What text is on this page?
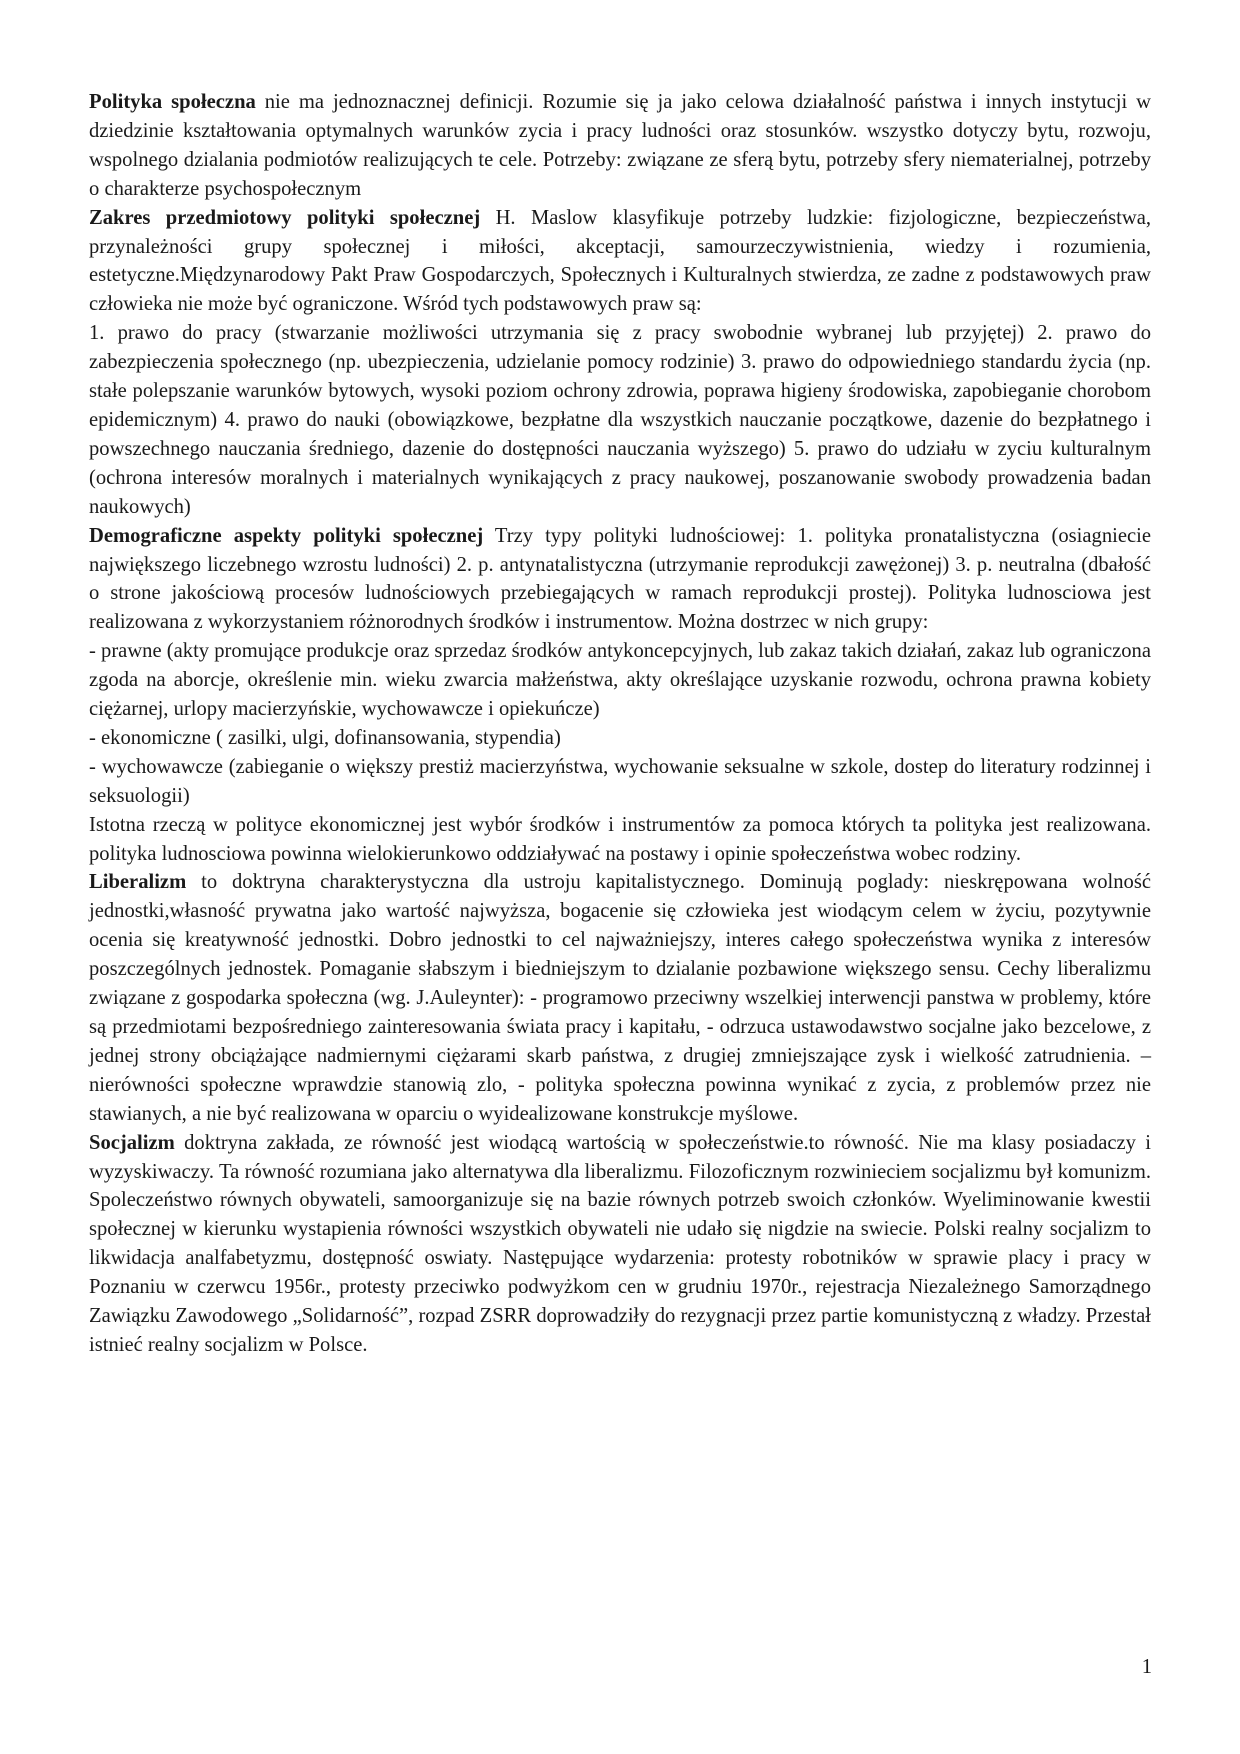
Polityka społeczna nie ma jednoznacznej definicji. Rozumie się ja jako celowa działalność państwa i innych instytucji w dziedzinie kształtowania optymalnych warunków zycia i pracy ludności oraz stosunków. wszystko dotyczy bytu, rozwoju, wspolnego dzialania podmiotów realizujących te cele. Potrzeby: związane ze sferą bytu, potrzeby sfery niematerialnej, potrzeby o charakterze psychospołecznym

Zakres przedmiotowy polityki społecznej H. Maslow klasyfikuje potrzeby ludzkie: fizjologiczne, bezpieczeństwa, przynależności grupy społecznej i miłości, akceptacji, samourzeczywistnienia, wiedzy i rozumienia, estetyczne.Międzynarodowy Pakt Praw Gospodarczych, Społecznych i Kulturalnych stwierdza, ze zadne z podstawowych praw człowieka nie może być ograniczone. Wśród tych podstawowych praw są:

1. prawo do pracy (stwarzanie możliwości utrzymania się z pracy swobodnie wybranej lub przyjętej) 2. prawo do zabezpieczenia społecznego (np. ubezpieczenia, udzielanie pomocy rodzinie) 3. prawo do odpowiedniego standardu życia (np. stałe polepszanie warunków bytowych, wysoki poziom ochrony zdrowia, poprawa higieny środowiska, zapobieganie chorobom epidemicznym) 4. prawo do nauki (obowiązkowe, bezpłatne dla wszystkich nauczanie początkowe, dazenie do bezpłatnego i powszechnego nauczania średniego, dazenie do dostępności nauczania wyższego) 5. prawo do udziału w zyciu kulturalnym (ochrona interesów moralnych i materialnych wynikających z pracy naukowej, poszanowanie swobody prowadzenia badan naukowych)

Demograficzne aspekty polityki społecznej Trzy typy polityki ludnościowej: 1. polityka pronatalistyczna (osiagniecie największego liczebnego wzrostu ludności) 2. p. antynatalistyczna (utrzymanie reprodukcji zawężonej) 3. p. neutralna (dbałość o strone jakościową procesów ludnościowych przebiegających w ramach reprodukcji prostej). Polityka ludnosciowa jest realizowana z wykorzystaniem różnorodnych środków i instrumentow. Można dostrzec w nich grupy:

- prawne (akty promujące produkcje oraz sprzedaz środków antykoncepcyjnych, lub zakaz takich działań, zakaz lub ograniczona zgoda na aborcje, określenie min. wieku zwarcia małżeństwa, akty określające uzyskanie rozwodu, ochrona prawna kobiety ciężarnej, urlopy macierzyńskie, wychowawcze i opiekuńcze)

- ekonomiczne ( zasilki, ulgi, dofinansowania, stypendia)

- wychowawcze (zabieganie o większy prestiż macierzyństwa, wychowanie seksualne w szkole, dostep do literatury rodzinnej i seksuologii)

Istotna rzeczą w polityce ekonomicznej jest wybór środków i instrumentów za pomoca których ta polityka jest realizowana. polityka ludnosciowa powinna wielokierunkowo oddziaływać na postawy i opinie społeczeństwa wobec rodziny.

Liberalizm to doktryna charakterystyczna dla ustroju kapitalistycznego. Dominują poglady: nieskrępowana wolność jednostki,własność prywatna jako wartość najwyższa, bogacenie się człowieka jest wiodącym celem w życiu, pozytywnie ocenia się kreatywność jednostki. Dobro jednostki to cel najważniejszy, interes całego społeczeństwa wynika z interesów poszczególnych jednostek. Pomaganie słabszym i biedniejszym to dzialanie pozbawione większego sensu. Cechy liberalizmu związane z gospodarka społeczna (wg. J.Auleynter): - programowo przeciwny wszelkiej interwencji panstwa w problemy, które są przedmiotami bezpośredniego zainteresowania świata pracy i kapitału, - odrzuca ustawodawstwo socjalne jako bezcelowe, z jednej strony obciążające nadmiernymi ciężarami skarb państwa, z drugiej zmniejszające zysk i wielkość zatrudnienia. – nierówności społeczne wprawdzie stanowią zlo, - polityka społeczna powinna wynikać z zycia, z problemów przez nie stawianych, a nie być realizowana w oparciu o wyidealizowane konstrukcje myślowe.

Socjalizm doktryna zakłada, ze równość jest wiodącą wartością w społeczeństwie.to równość. Nie ma klasy posiadaczy i wyzyskiwaczy. Ta równość rozumiana jako alternatywa dla liberalizmu. Filozoficznym rozwinieciem socjalizmu był komunizm. Spoleczeństwo równych obywateli, samoorganizuje się na bazie równych potrzeb swoich członków. Wyeliminowanie kwestii społecznej w kierunku wystapienia równości wszystkich obywateli nie udało się nigdzie na swiecie. Polski realny socjalizm to likwidacja analfabetyzmu, dostępność oswiaty. Następujące wydarzenia: protesty robotników w sprawie placy i pracy w Poznaniu w czerwcu 1956r., protesty przeciwko podwyżkom cen w grudniu 1970r., rejestracja Niezależnego Samorządnego Zawiązku Zawodowego „Solidarność”, rozpad ZSRR doprowadziły do rezygnacji przez partie komunistyczną z władzy. Przestał istnieć realny socjalizm w Polsce.

1
